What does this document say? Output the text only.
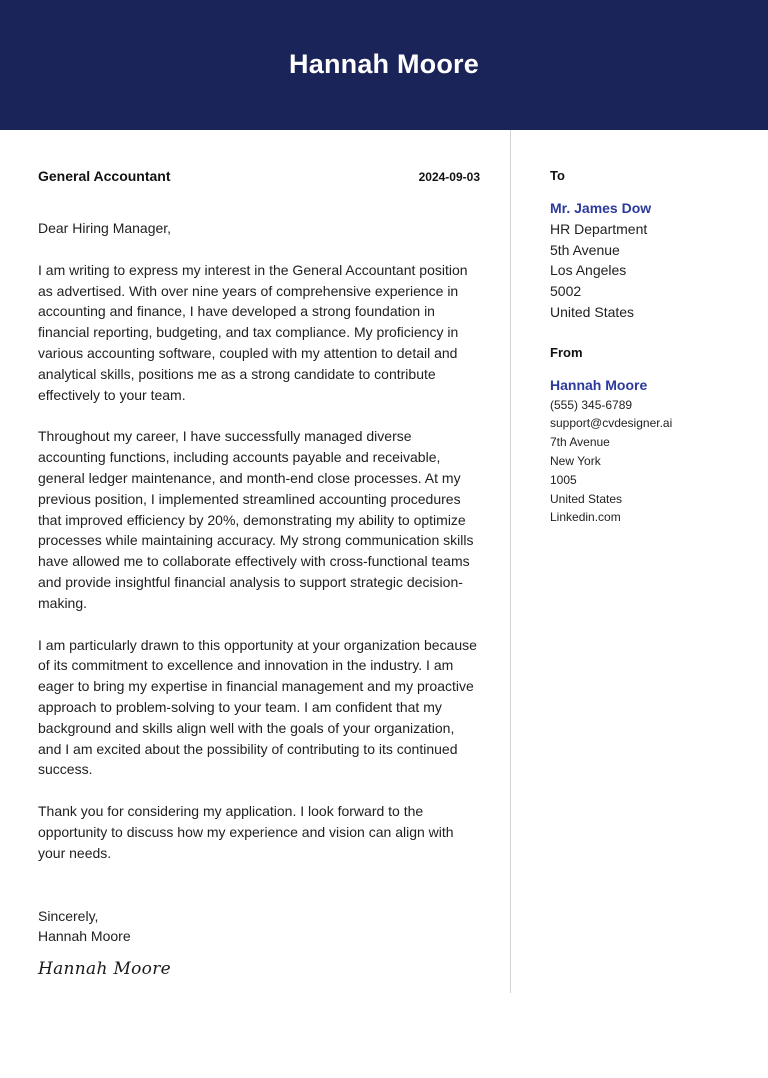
Hannah Moore
General Accountant	2024-09-03
Dear Hiring Manager,
I am writing to express my interest in the General Accountant position as advertised. With over nine years of comprehensive experience in accounting and finance, I have developed a strong foundation in financial reporting, budgeting, and tax compliance. My proficiency in various accounting software, coupled with my attention to detail and analytical skills, positions me as a strong candidate to contribute effectively to your team.
Throughout my career, I have successfully managed diverse accounting functions, including accounts payable and receivable, general ledger maintenance, and month-end close processes. At my previous position, I implemented streamlined accounting procedures that improved efficiency by 20%, demonstrating my ability to optimize processes while maintaining accuracy. My strong communication skills have allowed me to collaborate effectively with cross-functional teams and provide insightful financial analysis to support strategic decision-making.
I am particularly drawn to this opportunity at your organization because of its commitment to excellence and innovation in the industry. I am eager to bring my expertise in financial management and my proactive approach to problem-solving to your team. I am confident that my background and skills align well with the goals of your organization, and I am excited about the possibility of contributing to its continued success.
Thank you for considering my application. I look forward to the opportunity to discuss how my experience and vision can align with your needs.
Sincerely,
Hannah Moore
Hannah Moore
To
Mr. James Dow
HR Department
5th Avenue
Los Angeles
5002
United States
From
Hannah Moore
(555) 345-6789
support@cvdesigner.ai
7th Avenue
New York
1005
United States
Linkedin.com
